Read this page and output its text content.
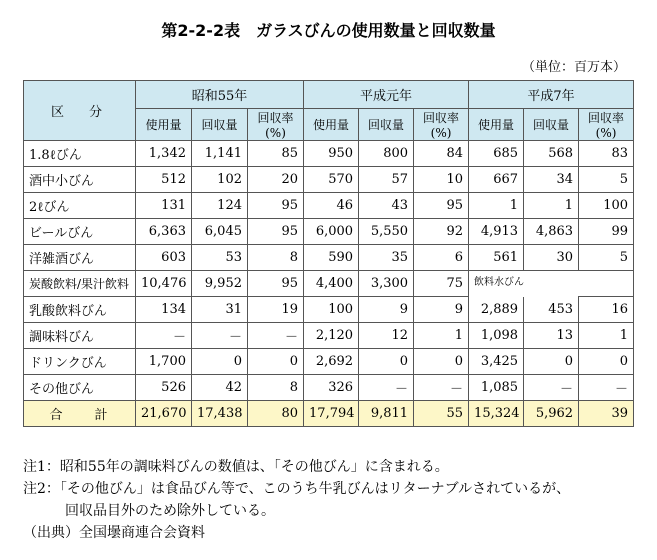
第2-2-2表　ガラスびんの使用数量と回収数量
（単位：百万本）
区　分	昭和55年			平成元年			平成7年		
	使用量	回収量	回収率(%)	使用量	回収量	回収率(%)	使用量	回収量	回収率(%)
1.8ℓびん	1,342	1,141	85	950	800	84	685	568	83
酒中小びん	512	102	20	570	57	10	667	34	5
2ℓびん	131	124	95	46	43	95	1	1	100
ビールびん	6,363	6,045	95	6,000	5,550	92	4,913	4,863	99
洋雑酒びん	603	53	8	590	35	6	561	30	5
炭酸飲料/果汁飲料	10,476	9,952	95	4,400	3,300	75	飲料水びん		
乳酸飲料びん	134	31	19	100	9	9	2,889	453	16
調味料びん	－	－	－	2,120	12	1	1,098	13	1
ドリンクびん	1,700	0	0	2,692	0	0	3,425	0	0
その他びん	526	42	8	326	－	－	1,085	－	－
合　　計	21,670	17,438	80	17,794	9,811	55	15,324	5,962	39
注1：昭和55年の調味料びんの数値は、「その他びん」に含まれる。
注2：「その他びん」は食品びん等で、このうち牛乳びんはリターナブルされているが、
　　　回収品目外のため除外している。
（出典）全国壜商連合会資料
